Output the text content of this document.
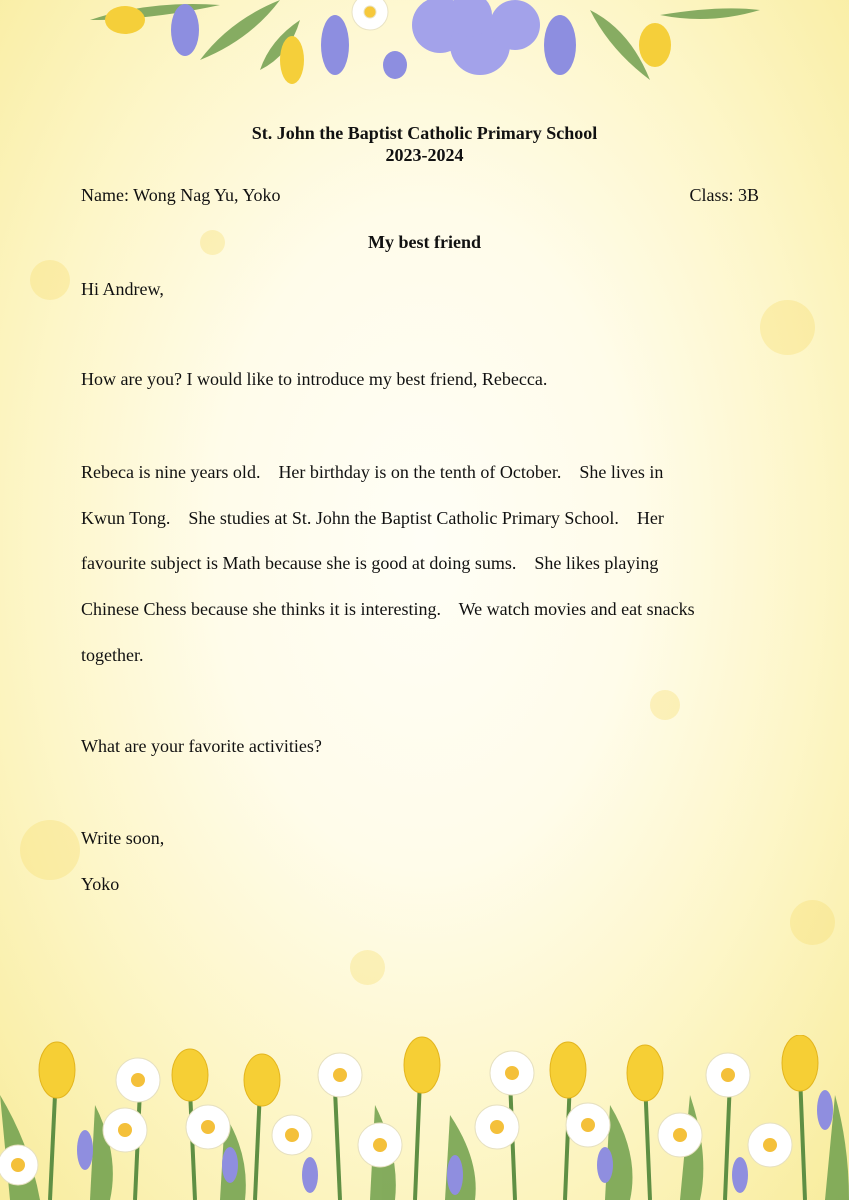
St. John the Baptist Catholic Primary School
2023-2024
Name: Wong Nag Yu, Yoko	Class: 3B
My best friend
Hi Andrew,
How are you? I would like to introduce my best friend, Rebecca.
Rebeca is nine years old.    Her birthday is on the tenth of October.    She lives in
Kwun Tong.    She studies at St. John the Baptist Catholic Primary School.    Her
favourite subject is Math because she is good at doing sums.    She likes playing
Chinese Chess because she thinks it is interesting.    We watch movies and eat snacks
together.
What are your favorite activities?
Write soon,
Yoko
